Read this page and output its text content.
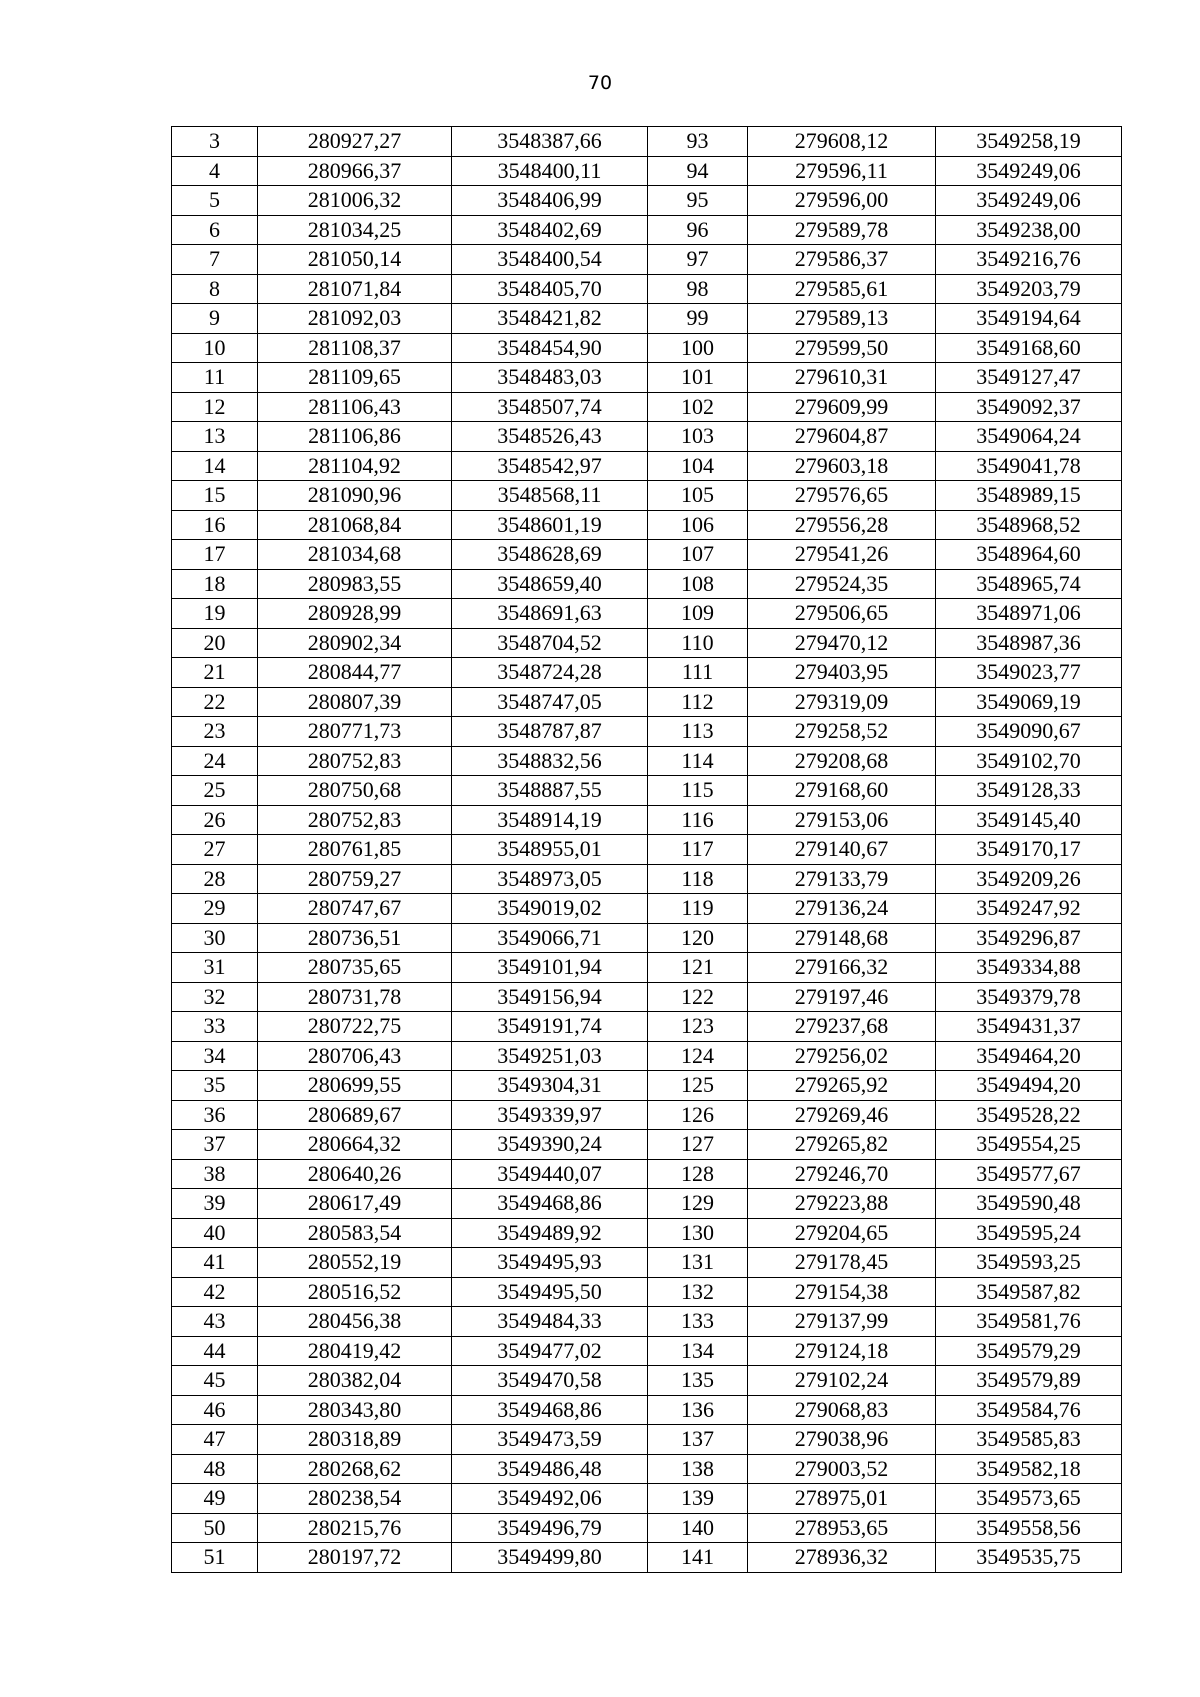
70
3	280927,27	3548387,66	93	279608,12	3549258,19
4	280966,37	3548400,11	94	279596,11	3549249,06
5	281006,32	3548406,99	95	279596,00	3549249,06
6	281034,25	3548402,69	96	279589,78	3549238,00
7	281050,14	3548400,54	97	279586,37	3549216,76
8	281071,84	3548405,70	98	279585,61	3549203,79
9	281092,03	3548421,82	99	279589,13	3549194,64
10	281108,37	3548454,90	100	279599,50	3549168,60
11	281109,65	3548483,03	101	279610,31	3549127,47
12	281106,43	3548507,74	102	279609,99	3549092,37
13	281106,86	3548526,43	103	279604,87	3549064,24
14	281104,92	3548542,97	104	279603,18	3549041,78
15	281090,96	3548568,11	105	279576,65	3548989,15
16	281068,84	3548601,19	106	279556,28	3548968,52
17	281034,68	3548628,69	107	279541,26	3548964,60
18	280983,55	3548659,40	108	279524,35	3548965,74
19	280928,99	3548691,63	109	279506,65	3548971,06
20	280902,34	3548704,52	110	279470,12	3548987,36
21	280844,77	3548724,28	111	279403,95	3549023,77
22	280807,39	3548747,05	112	279319,09	3549069,19
23	280771,73	3548787,87	113	279258,52	3549090,67
24	280752,83	3548832,56	114	279208,68	3549102,70
25	280750,68	3548887,55	115	279168,60	3549128,33
26	280752,83	3548914,19	116	279153,06	3549145,40
27	280761,85	3548955,01	117	279140,67	3549170,17
28	280759,27	3548973,05	118	279133,79	3549209,26
29	280747,67	3549019,02	119	279136,24	3549247,92
30	280736,51	3549066,71	120	279148,68	3549296,87
31	280735,65	3549101,94	121	279166,32	3549334,88
32	280731,78	3549156,94	122	279197,46	3549379,78
33	280722,75	3549191,74	123	279237,68	3549431,37
34	280706,43	3549251,03	124	279256,02	3549464,20
35	280699,55	3549304,31	125	279265,92	3549494,20
36	280689,67	3549339,97	126	279269,46	3549528,22
37	280664,32	3549390,24	127	279265,82	3549554,25
38	280640,26	3549440,07	128	279246,70	3549577,67
39	280617,49	3549468,86	129	279223,88	3549590,48
40	280583,54	3549489,92	130	279204,65	3549595,24
41	280552,19	3549495,93	131	279178,45	3549593,25
42	280516,52	3549495,50	132	279154,38	3549587,82
43	280456,38	3549484,33	133	279137,99	3549581,76
44	280419,42	3549477,02	134	279124,18	3549579,29
45	280382,04	3549470,58	135	279102,24	3549579,89
46	280343,80	3549468,86	136	279068,83	3549584,76
47	280318,89	3549473,59	137	279038,96	3549585,83
48	280268,62	3549486,48	138	279003,52	3549582,18
49	280238,54	3549492,06	139	278975,01	3549573,65
50	280215,76	3549496,79	140	278953,65	3549558,56
51	280197,72	3549499,80	141	278936,32	3549535,75
